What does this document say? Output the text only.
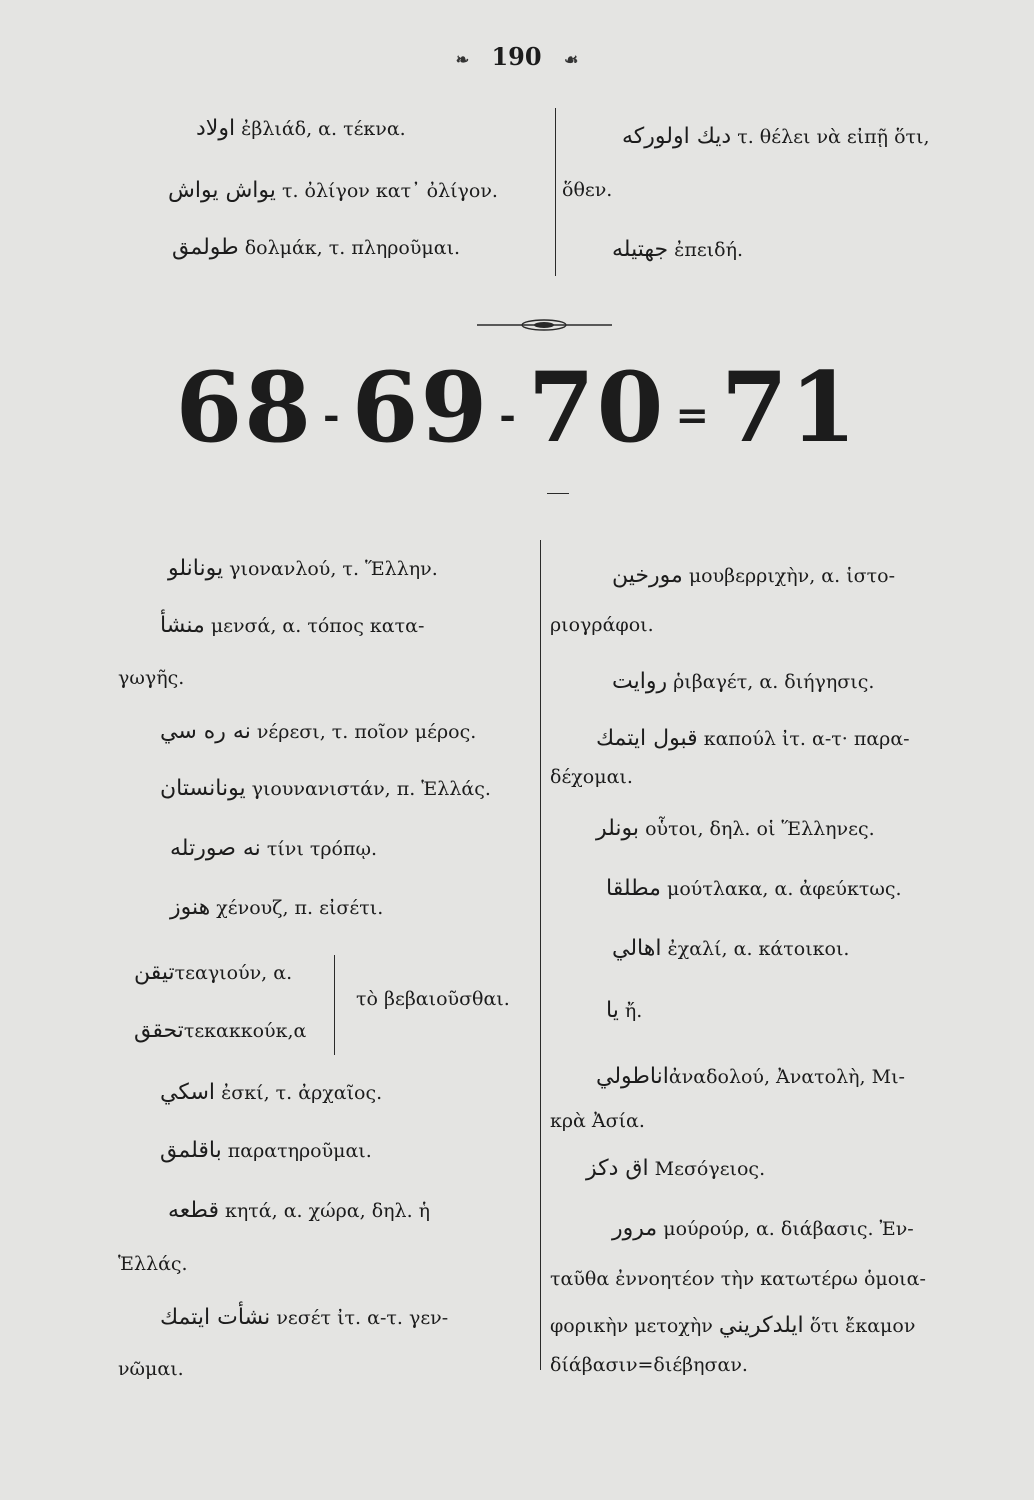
❧ 190 ☙
اولاد ἐβλιάδ, α. τέκνα.
يواش يواش τ. ὀλίγον κατ᾽ ὀλίγον.
طولمق δολμάκ, τ. πληροῦμαι.
ديك اولوركه τ. θέλει νὰ εἰπῇ ὅτι,
ὅθεν.
جهتيله ἐπειδή.
68 - 69 - 70 = 71
يونانلو γιονανλού, τ. Ἕλλην.
منشأ μενσά, α. τόπος κατα-
γωγῆς.
نه ره سي νέρεσι, τ. ποῖον μέρος.
يونانستان γιουνανιστάν, π. Ἑλλάς.
نه صورتله τίνι τρόπῳ.
هنوز χένουζ, π. εἰσέτι.
تيقنτεαγιούν, α.
تحققτεκακκούκ,α
τὸ βεβαιοῦσθαι.
اسكي ἐσκί, τ. ἀρχαῖος.
باقلمق παρατηροῦμαι.
قطعه κητά, α. χώρα, δηλ. ἡ
Ἑλλάς.
نشأت ايتمك νεσέτ ἰτ. α-τ. γεν-
νῶμαι.
مورخين μουβερριχὴν, α. ἱστο-
ριογράφοι.
روايت ῥιβαγέτ, α. διήγησις.
قبول ايتمك καπούλ ἰτ. α-τ· παρα-
δέχομαι.
بونلر οὗτοι, δηλ. οἱ Ἕλληνες.
مطلقا μούτλακα, α. ἀφεύκτως.
اهالي ἐχαλί, α. κάτοικοι.
يا ἤ.
اناطوليἀναδολού, Ἀνατολὴ, Μι-
κρὰ Ἀσία.
اق دكز Μεσόγειος.
مرور μούρούρ, α. διάβασις. Ἐν-
ταῦθα ἐννοητέον τὴν κατωτέρω ὁμοια-
φορικὴν μετοχὴν ايلدكريني ὅτι ἔκαμον
δίάβασιν=διέβησαν.
